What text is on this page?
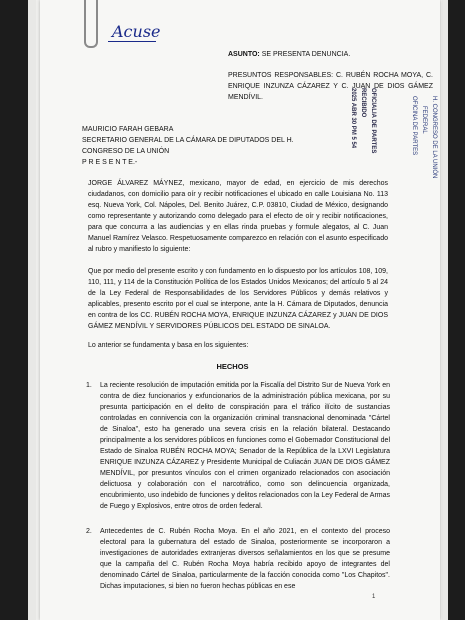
Acuse
ASUNTO: SE PRESENTA DENUNCIA.
PRESUNTOS RESPONSABLES: C. RUBÉN ROCHA MOYA, C. ENRIQUE INZUNZA CÁZAREZ Y C. JUAN DE DIOS GÁMEZ MENDÍVIL.	OFICIALIA DE PARTES
RECIBIDO
2025 ABR 30 PM 5 54	H. CONGRESO DE LA UNIÓN
FEDERAL
OFICINA DE PARTES
MAURICIO FARAH GEBARA
SECRETARIO GENERAL DE LA CÁMARA DE DIPUTADOS DEL H. CONGRESO DE LA UNIÓN
P R E S E N T E.-
JORGE ÁLVAREZ MÁYNEZ, mexicano, mayor de edad, en ejercicio de mis derechos ciudadanos, con domicilio para oír y recibir notificaciones el ubicado en calle Louisiana No. 113 esq. Nueva York, Col. Nápoles, Del. Benito Juárez, C.P. 03810, Ciudad de México, designando como representante y autorizando como delegado para el efecto de oír y recibir notificaciones, para que concurra a las audiencias y en ellas rinda pruebas y formule alegatos, al C. Juan Manuel Ramírez Velasco. Respetuosamente comparezco en relación con el asunto especificado al rubro y manifiesto lo siguiente:
Que por medio del presente escrito y con fundamento en lo dispuesto por los artículos 108, 109, 110, 111, y 114 de la Constitución Política de los Estados Unidos Mexicanos; del artículo 5 al 24 de la Ley Federal de Responsabilidades de los Servidores Públicos y demás relativos y aplicables, presento escrito por el cual se interpone, ante la H. Cámara de Diputados, denuncia en contra de los CC. RUBÉN ROCHA MOYA, ENRIQUE INZUNZA CÁZAREZ y JUAN DE DIOS GÁMEZ MENDÍVIL Y SERVIDORES PÚBLICOS DEL ESTADO DE SINALOA.
Lo anterior se fundamenta y basa en los siguientes:
HECHOS
1. La reciente resolución de imputación emitida por la Fiscalía del Distrito Sur de Nueva York en contra de diez funcionarios y exfuncionarios de la administración pública mexicana, por su presunta participación en el delito de conspiración para el tráfico ilícito de sustancias controladas en connivencia con la organización criminal transnacional denominada "Cártel de Sinaloa", esto ha generado una severa crisis en la relación bilateral. Destacando principalmente a los servidores públicos en funciones como el Gobernador Constitucional del Estado de Sinaloa RUBÉN ROCHA MOYA; Senador de la República de la LXVI Legislatura ENRIQUE INZUNZA CÁZAREZ y Presidente Municipal de Culiacán JUAN DE DIOS GÁMEZ MENDÍVIL, por presuntos vínculos con el crimen organizado relacionados con asociación delictuosa y colaboración con el narcotráfico, como son delincuencia organizada, encubrimiento, uso indebido de funciones y delitos relacionados con la Ley Federal de Armas de Fuego y Explosivos, entre otros de orden federal.
2. Antecedentes de C. Rubén Rocha Moya. En el año 2021, en el contexto del proceso electoral para la gubernatura del estado de Sinaloa, posteriormente se incorporaron a investigaciones de autoridades extranjeras diversos señalamientos en los que se presume que la campaña del C. Rubén Rocha Moya habría recibido apoyo de integrantes del denominado Cártel de Sinaloa, particularmente de la facción conocida como "Los Chapitos". Dichas imputaciones, si bien no fueron hechas públicas en ese
1
